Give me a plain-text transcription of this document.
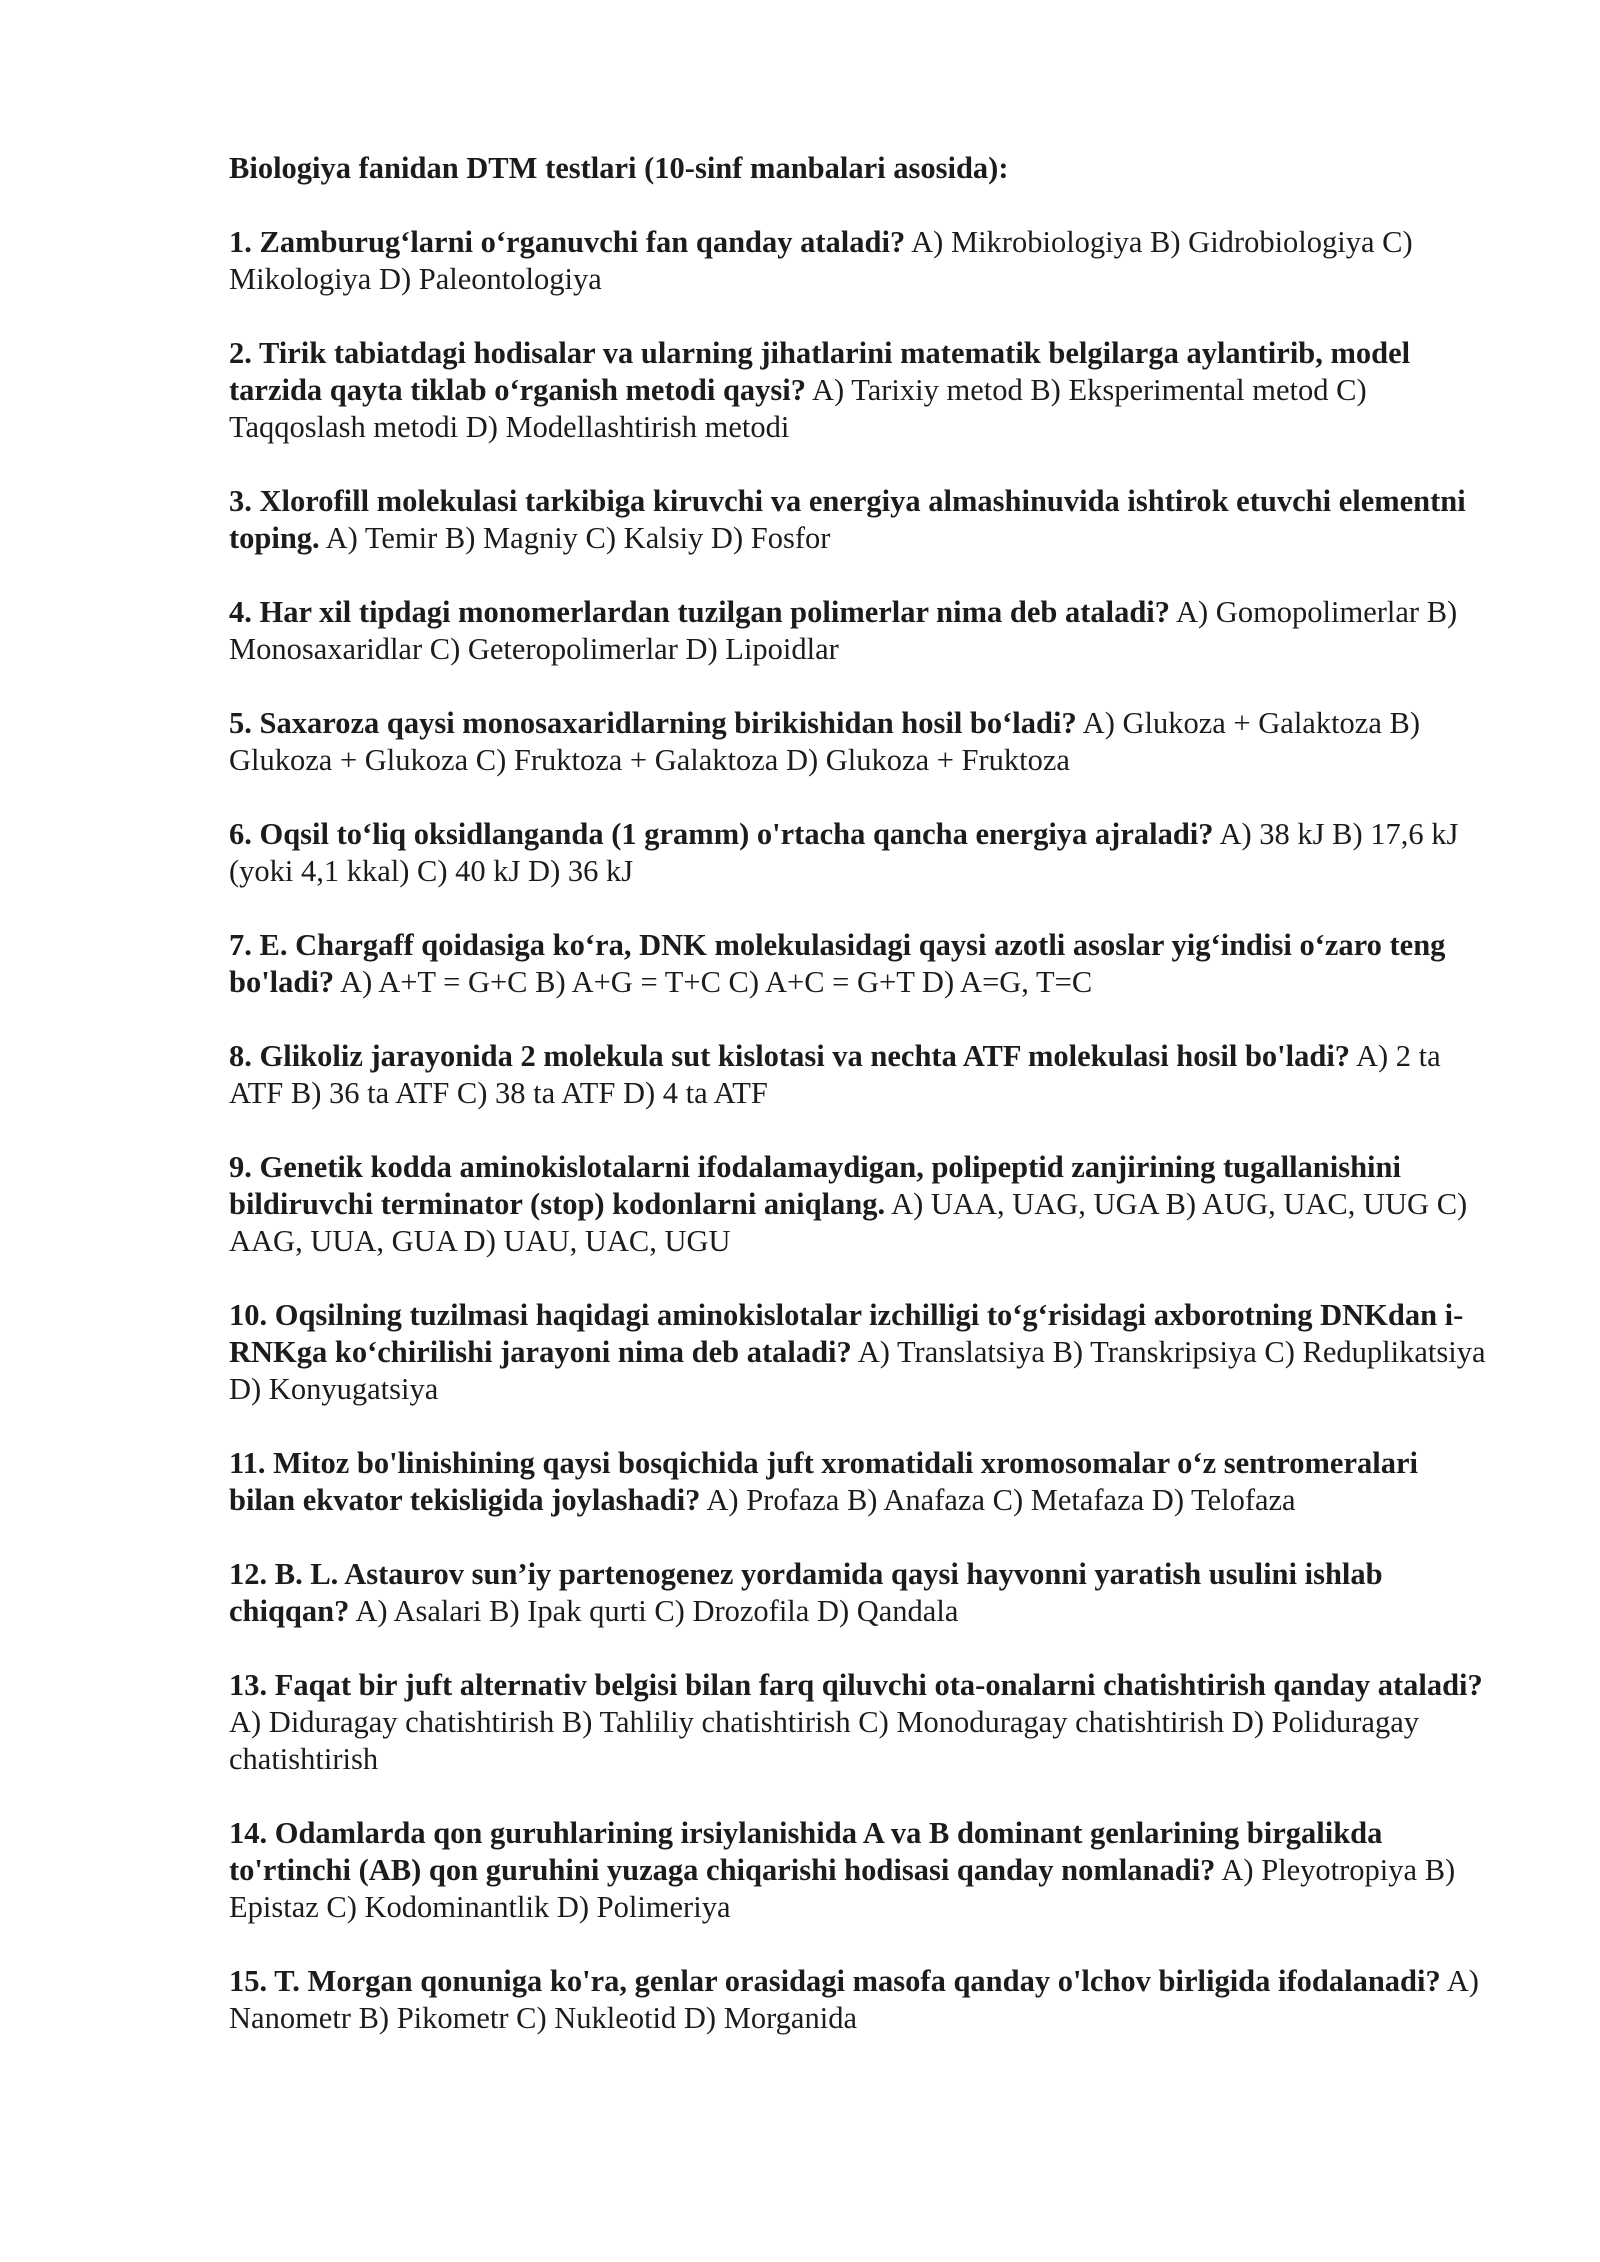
Biologiya fanidan DTM testlari (10-sinf manbalari asosida):

1. Zamburug‘larni o‘rganuvchi fan qanday ataladi? A) Mikrobiologiya B) Gidrobiologiya C) Mikologiya D) Paleontologiya

2. Tirik tabiatdagi hodisalar va ularning jihatlarini matematik belgilarga aylantirib, model tarzida qayta tiklab o‘rganish metodi qaysi? A) Tarixiy metod B) Eksperimental metod C) Taqqoslash metodi D) Modellashtirish metodi

3. Xlorofill molekulasi tarkibiga kiruvchi va energiya almashinuvida ishtirok etuvchi elementni toping. A) Temir B) Magniy C) Kalsiy D) Fosfor

4. Har xil tipdagi monomerlardan tuzilgan polimerlar nima deb ataladi? A) Gomopolimerlar B) Monosaxaridlar C) Geteropolimerlar D) Lipoidlar

5. Saxaroza qaysi monosaxaridlarning birikishidan hosil bo‘ladi? A) Glukoza + Galaktoza B) Glukoza + Glukoza C) Fruktoza + Galaktoza D) Glukoza + Fruktoza

6. Oqsil to‘liq oksidlanganda (1 gramm) o'rtacha qancha energiya ajraladi? A) 38 kJ B) 17,6 kJ (yoki 4,1 kkal) C) 40 kJ D) 36 kJ

7. E. Chargaff qoidasiga ko‘ra, DNK molekulasidagi qaysi azotli asoslar yig‘indisi o‘zaro teng bo'ladi? A) A+T = G+C B) A+G = T+C C) A+C = G+T D) A=G, T=C

8. Glikoliz jarayonida 2 molekula sut kislotasi va nechta ATF molekulasi hosil bo'ladi? A) 2 ta ATF B) 36 ta ATF C) 38 ta ATF D) 4 ta ATF

9. Genetik kodda aminokislotalarni ifodalamaydigan, polipeptid zanjirining tugallanishini bildiruvchi terminator (stop) kodonlarni aniqlang. A) UAA, UAG, UGA B) AUG, UAC, UUG C) AAG, UUA, GUA D) UAU, UAC, UGU

10. Oqsilning tuzilmasi haqidagi aminokislotalar izchilligi to‘g‘risidagi axborotning DNKdan i-RNKga ko‘chirilishi jarayoni nima deb ataladi? A) Translatsiya B) Transkripsiya C) Reduplikatsiya D) Konyugatsiya

11. Mitoz bo'linishining qaysi bosqichida juft xromatidali xromosomalar o‘z sentromeralari bilan ekvator tekisligida joylashadi? A) Profaza B) Anafaza C) Metafaza D) Telofaza

12. B. L. Astaurov sun’iy partenogenez yordamida qaysi hayvonni yaratish usulini ishlab chiqqan? A) Asalari B) Ipak qurti C) Drozofila D) Qandala

13. Faqat bir juft alternativ belgisi bilan farq qiluvchi ota-onalarni chatishtirish qanday ataladi? A) Diduragay chatishtirish B) Tahliliy chatishtirish C) Monoduragay chatishtirish D) Poliduragay chatishtirish

14. Odamlarda qon guruhlarining irsiylanishida A va B dominant genlarining birgalikda to'rtinchi (AB) qon guruhini yuzaga chiqarishi hodisasi qanday nomlanadi? A) Pleyotropiya B) Epistaz C) Kodominantlik D) Polimeriya

15. T. Morgan qonuniga ko'ra, genlar orasidagi masofa qanday o'lchov birligida ifodalanadi? A) Nanometr B) Pikometr C) Nukleotid D) Morganida
